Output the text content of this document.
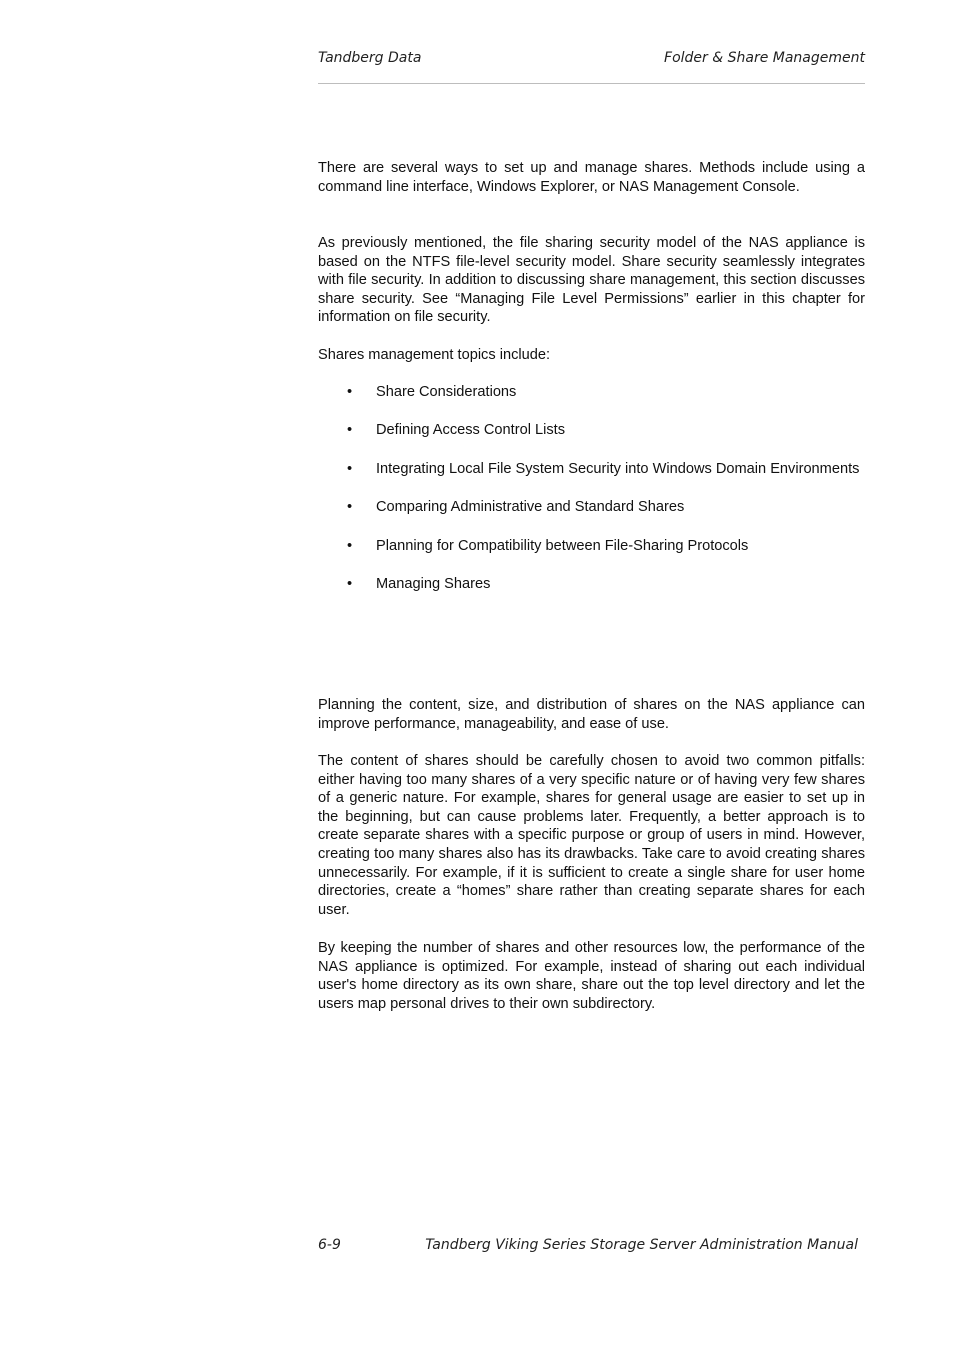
Tandberg Data	Folder & Share Management

There are several ways to set up and manage shares. Methods include using a command line interface, Windows Explorer, or NAS Management Console.

As previously mentioned, the file sharing security model of the NAS appliance is based on the NTFS file-level security model. Share security seamlessly integrates with file security. In addition to discussing share management, this section discusses share security. See “Managing File Level Permissions” earlier in this chapter for information on file security.

Shares management topics include:

• Share Considerations
• Defining Access Control Lists
• Integrating Local File System Security into Windows Domain Environments
• Comparing Administrative and Standard Shares
• Planning for Compatibility between File-Sharing Protocols
• Managing Shares

Planning the content, size, and distribution of shares on the NAS appliance can improve performance, manageability, and ease of use.

The content of shares should be carefully chosen to avoid two common pitfalls: either having too many shares of a very specific nature or of having very few shares of a generic nature. For example, shares for general usage are easier to set up in the beginning, but can cause problems later. Frequently, a better approach is to create separate shares with a specific purpose or group of users in mind. However, creating too many shares also has its drawbacks. Take care to avoid creating shares unnecessarily. For example, if it is sufficient to create a single share for user home directories, create a “homes” share rather than creating separate shares for each user.

By keeping the number of shares and other resources low, the performance of the NAS appliance is optimized. For example, instead of sharing out each individual user's home directory as its own share, share out the top level directory and let the users map personal drives to their own subdirectory.

6-9	Tandberg Viking Series Storage Server Administration Manual
